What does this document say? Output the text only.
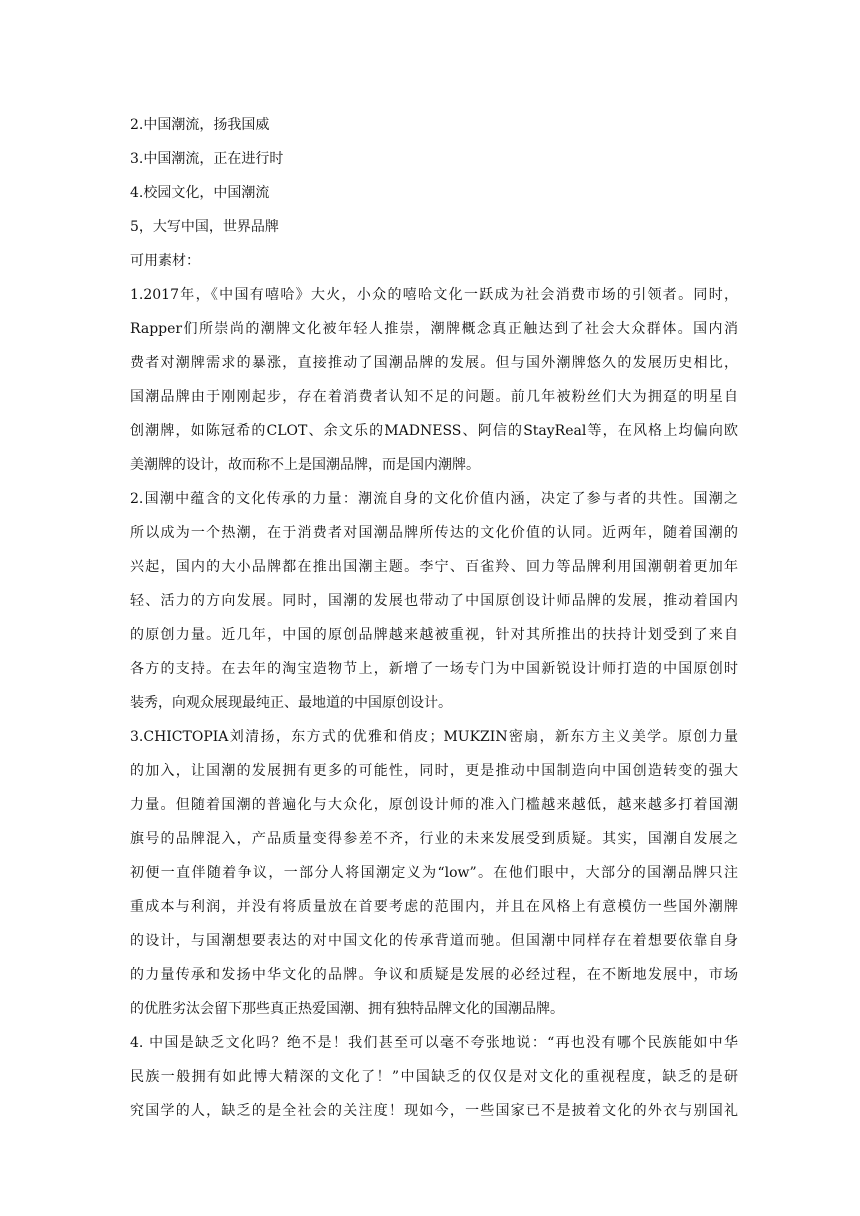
2.中国潮流，扬我国威

3.中国潮流，正在进行时

4.校园文化，中国潮流

5，大写中国，世界品牌

可用素材：

1.2017年，《中国有嘻哈》大火，小众的嘻哈文化一跃成为社会消费市场的引领者。同时，
Rapper们所崇尚的潮牌文化被年轻人推崇，潮牌概念真正触达到了社会大众群体。国内消
费者对潮牌需求的暴涨，直接推动了国潮品牌的发展。但与国外潮牌悠久的发展历史相比，
国潮品牌由于刚刚起步，存在着消费者认知不足的问题。前几年被粉丝们大为拥趸的明星自
创潮牌，如陈冠希的CLOT、余文乐的MADNESS、阿信的StayReal等，在风格上均偏向欧
美潮牌的设计，故而称不上是国潮品牌，而是国内潮牌。
2.国潮中蕴含的文化传承的力量：潮流自身的文化价值内涵，决定了参与者的共性。国潮之
所以成为一个热潮，在于消费者对国潮品牌所传达的文化价值的认同。近两年，随着国潮的
兴起，国内的大小品牌都在推出国潮主题。李宁、百雀羚、回力等品牌利用国潮朝着更加年
轻、活力的方向发展。同时，国潮的发展也带动了中国原创设计师品牌的发展，推动着国内
的原创力量。近几年，中国的原创品牌越来越被重视，针对其所推出的扶持计划受到了来自
各方的支持。在去年的淘宝造物节上，新增了一场专门为中国新锐设计师打造的中国原创时
装秀，向观众展现最纯正、最地道的中国原创设计。
3.CHICTOPIA刘清扬，东方式的优雅和俏皮；MUKZIN密扇，新东方主义美学。原创力量
的加入，让国潮的发展拥有更多的可能性，同时，更是推动中国制造向中国创造转变的强大
力量。但随着国潮的普遍化与大众化，原创设计师的准入门槛越来越低，越来越多打着国潮
旗号的品牌混入，产品质量变得参差不齐，行业的未来发展受到质疑。其实，国潮自发展之
初便一直伴随着争议，一部分人将国潮定义为“low”。在他们眼中，大部分的国潮品牌只注
重成本与利润，并没有将质量放在首要考虑的范围内，并且在风格上有意模仿一些国外潮牌
的设计，与国潮想要表达的对中国文化的传承背道而驰。但国潮中同样存在着想要依靠自身
的力量传承和发扬中华文化的品牌。争议和质疑是发展的必经过程，在不断地发展中，市场
的优胜劣汰会留下那些真正热爱国潮、拥有独特品牌文化的国潮品牌。
4. 中国是缺乏文化吗？绝不是！我们甚至可以毫不夸张地说：“再也没有哪个民族能如中华
民族一般拥有如此博大精深的文化了！”中国缺乏的仅仅是对文化的重视程度，缺乏的是研
究国学的人，缺乏的是全社会的关注度！现如今，一些国家已不是披着文化的外衣与别国礼
